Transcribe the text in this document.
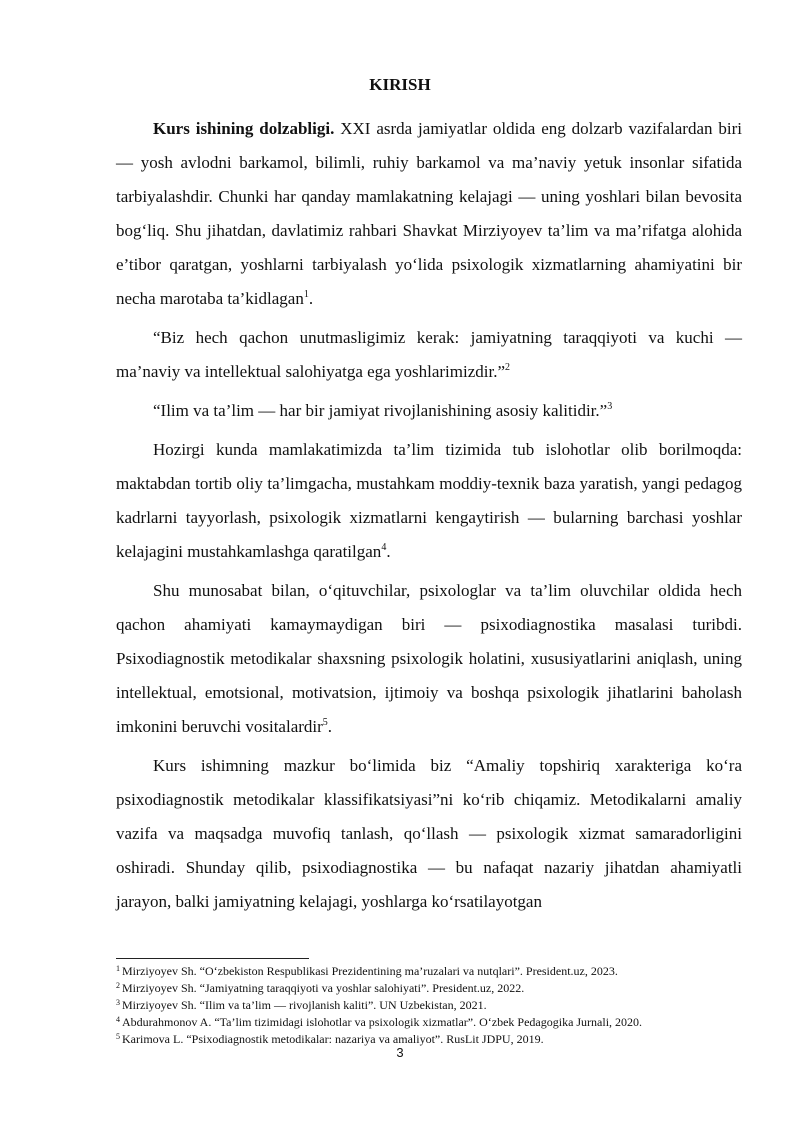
KIRISH

Kurs ishining dolzabligi. XXI asrda jamiyatlar oldida eng dolzarb vazifalardan biri — yosh avlodni barkamol, bilimli, ruhiy barkamol va ma’naviy yetuk insonlar sifatida tarbiyalashdir. Chunki har qanday mamlakatning kelajagi — uning yoshlari bilan bevosita bog‘liq. Shu jihatdan, davlatimiz rahbari Shavkat Mirziyoyev ta’lim va ma’rifatga alohida e’tibor qaratgan, yoshlarni tarbiyalash yo‘lida psixologik xizmatlarning ahamiyatini bir necha marotaba ta’kidlagan$^1$.

“Biz hech qachon unutmasligimiz kerak: jamiyatning taraqqiyoti va kuchi — ma’naviy va intellektual salohiyatga ega yoshlarimizdir.”$^2$

“Ilim va ta’lim — har bir jamiyat rivojlanishining asosiy kalitidir.”$^3$

Hozirgi kunda mamlakatimizda ta’lim tizimida tub islohotlar olib borilmoqda: maktabdan tortib oliy ta’limgacha, mustahkam moddiy-texnik baza yaratish, yangi pedagog kadrlarni tayyorlash, psixologik xizmatlarni kengaytirish — bularning barchasi yoshlar kelajagini mustahkamlashga qaratilgan$^4$.

Shu munosabat bilan, o‘qituvchilar, psixologlar va ta’lim oluvchilar oldida hech qachon ahamiyati kamaymaydigan biri — psixodiagnostika masalasi turibdi. Psixodiagnostik metodikalar shaxsning psixologik holatini, xususiyatlarini aniqlash, uning intellektual, emotsional, motivatsion, ijtimoiy va boshqa psixologik jihatlarini baholash imkonini beruvchi vositalardir$^5$.

Kurs ishimning mazkur bo‘limida biz “Amaliy topshiriq xarakteriga ko‘ra psixodiagnostik metodikalar klassifikatsiyasi”ni ko‘rib chiqamiz. Metodikalarni amaliy vazifa va maqsadga muvofiq tanlash, qo‘llash — psixologik xizmat samaradorligini oshiradi. Shunday qilib, psixodiagnostika — bu nafaqat nazariy jihatdan ahamiyatli jarayon, balki jamiyatning kelajagi, yoshlarga ko‘rsatilayotgan

$^1$ Mirziyoyev Sh. “O‘zbekiston Respublikasi Prezidentining ma’ruzalari va nutqlari”. President.uz, 2023.
$^2$ Mirziyoyev Sh. “Jamiyatning taraqqiyoti va yoshlar salohiyati”. President.uz, 2022.
$^3$ Mirziyoyev Sh. “Ilim va ta’lim — rivojlanish kaliti”. UN Uzbekistan, 2021.
$^4$ Abdurahmonov A. “Ta’lim tizimidagi islohotlar va psixologik xizmatlar”. O‘zbek Pedagogika Jurnali, 2020.
$^5$ Karimova L. “Psixodiagnostik metodikalar: nazariya va amaliyot”. RusLit JDPU, 2019.
3
